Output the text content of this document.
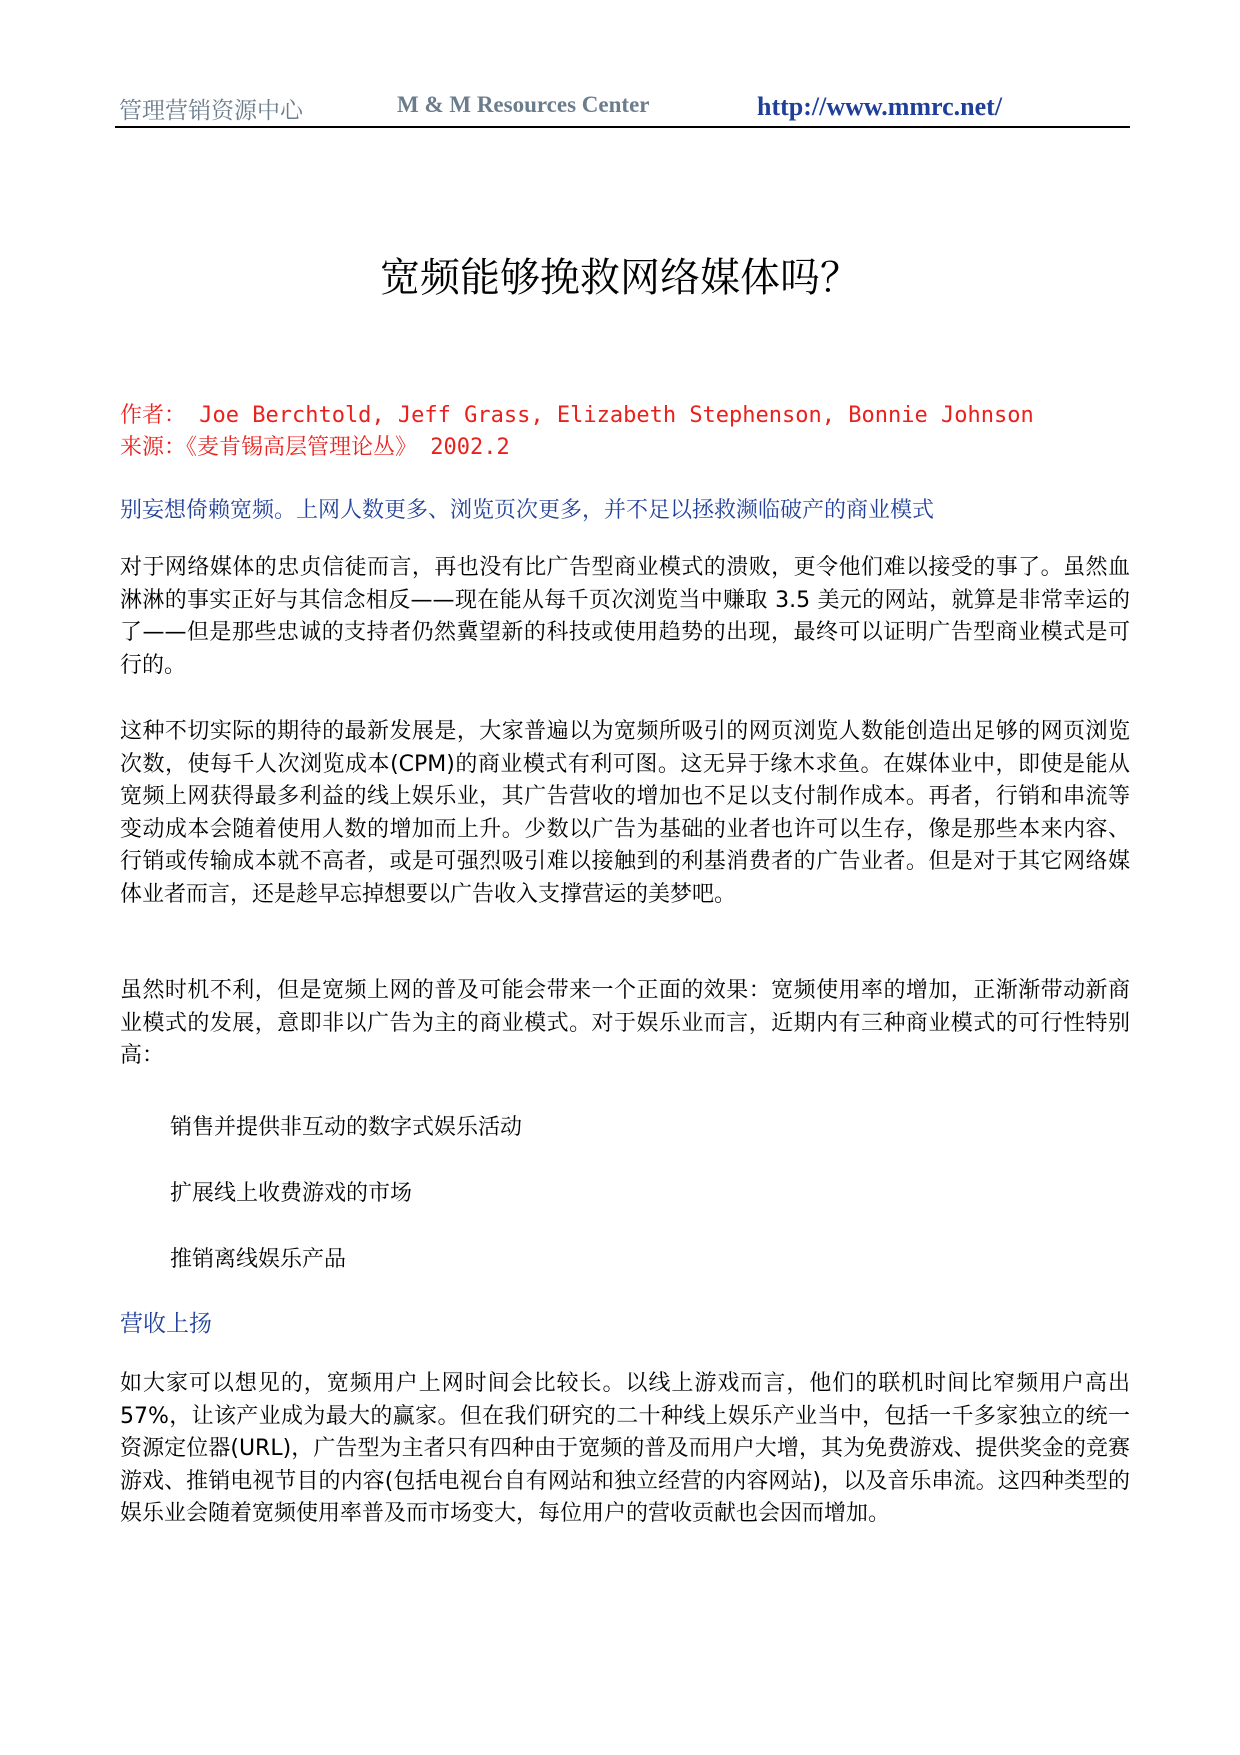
管理营销资源中心	M & M Resources Center	http://www.mmrc.net/
宽频能够挽救网络媒体吗？
作者： Joe Berchtold, Jeff Grass, Elizabeth Stephenson, Bonnie Johnson
来源：《麦肯锡高层管理论丛》 2002.2
别妄想倚赖宽频。上网人数更多、浏览页次更多，并不足以拯救濒临破产的商业模式

对于网络媒体的忠贞信徒而言，再也没有比广告型商业模式的溃败，更令他们难以接受的事了。虽然血淋淋的事实正好与其信念相反——现在能从每千页次浏览当中赚取 3.5 美元的网站，就算是非常幸运的了——但是那些忠诚的支持者仍然冀望新的科技或使用趋势的出现，最终可以证明广告型商业模式是可行的。

这种不切实际的期待的最新发展是，大家普遍以为宽频所吸引的网页浏览人数能创造出足够的网页浏览次数，使每千人次浏览成本(CPM)的商业模式有利可图。这无异于缘木求鱼。在媒体业中，即使是能从宽频上网获得最多利益的线上娱乐业，其广告营收的增加也不足以支付制作成本。再者，行销和串流等变动成本会随着使用人数的增加而上升。少数以广告为基础的业者也许可以生存，像是那些本来内容、行销或传输成本就不高者，或是可强烈吸引难以接触到的利基消费者的广告业者。但是对于其它网络媒体业者而言，还是趁早忘掉想要以广告收入支撑营运的美梦吧。

虽然时机不利，但是宽频上网的普及可能会带来一个正面的效果：宽频使用率的增加，正渐渐带动新商业模式的发展，意即非以广告为主的商业模式。对于娱乐业而言，近期内有三种商业模式的可行性特别高：

销售并提供非互动的数字式娱乐活动
扩展线上收费游戏的市场
推销离线娱乐产品
营收上扬

如大家可以想见的，宽频用户上网时间会比较长。以线上游戏而言，他们的联机时间比窄频用户高出 57%，让该产业成为最大的赢家。但在我们研究的二十种线上娱乐产业当中，包括一千多家独立的统一资源定位器(URL)，广告型为主者只有四种由于宽频的普及而用户大增，其为免费游戏、提供奖金的竞赛游戏、推销电视节目的内容(包括电视台自有网站和独立经营的内容网站)，以及音乐串流。这四种类型的娱乐业会随着宽频使用率普及而市场变大，每位用户的营收贡献也会因而增加。
